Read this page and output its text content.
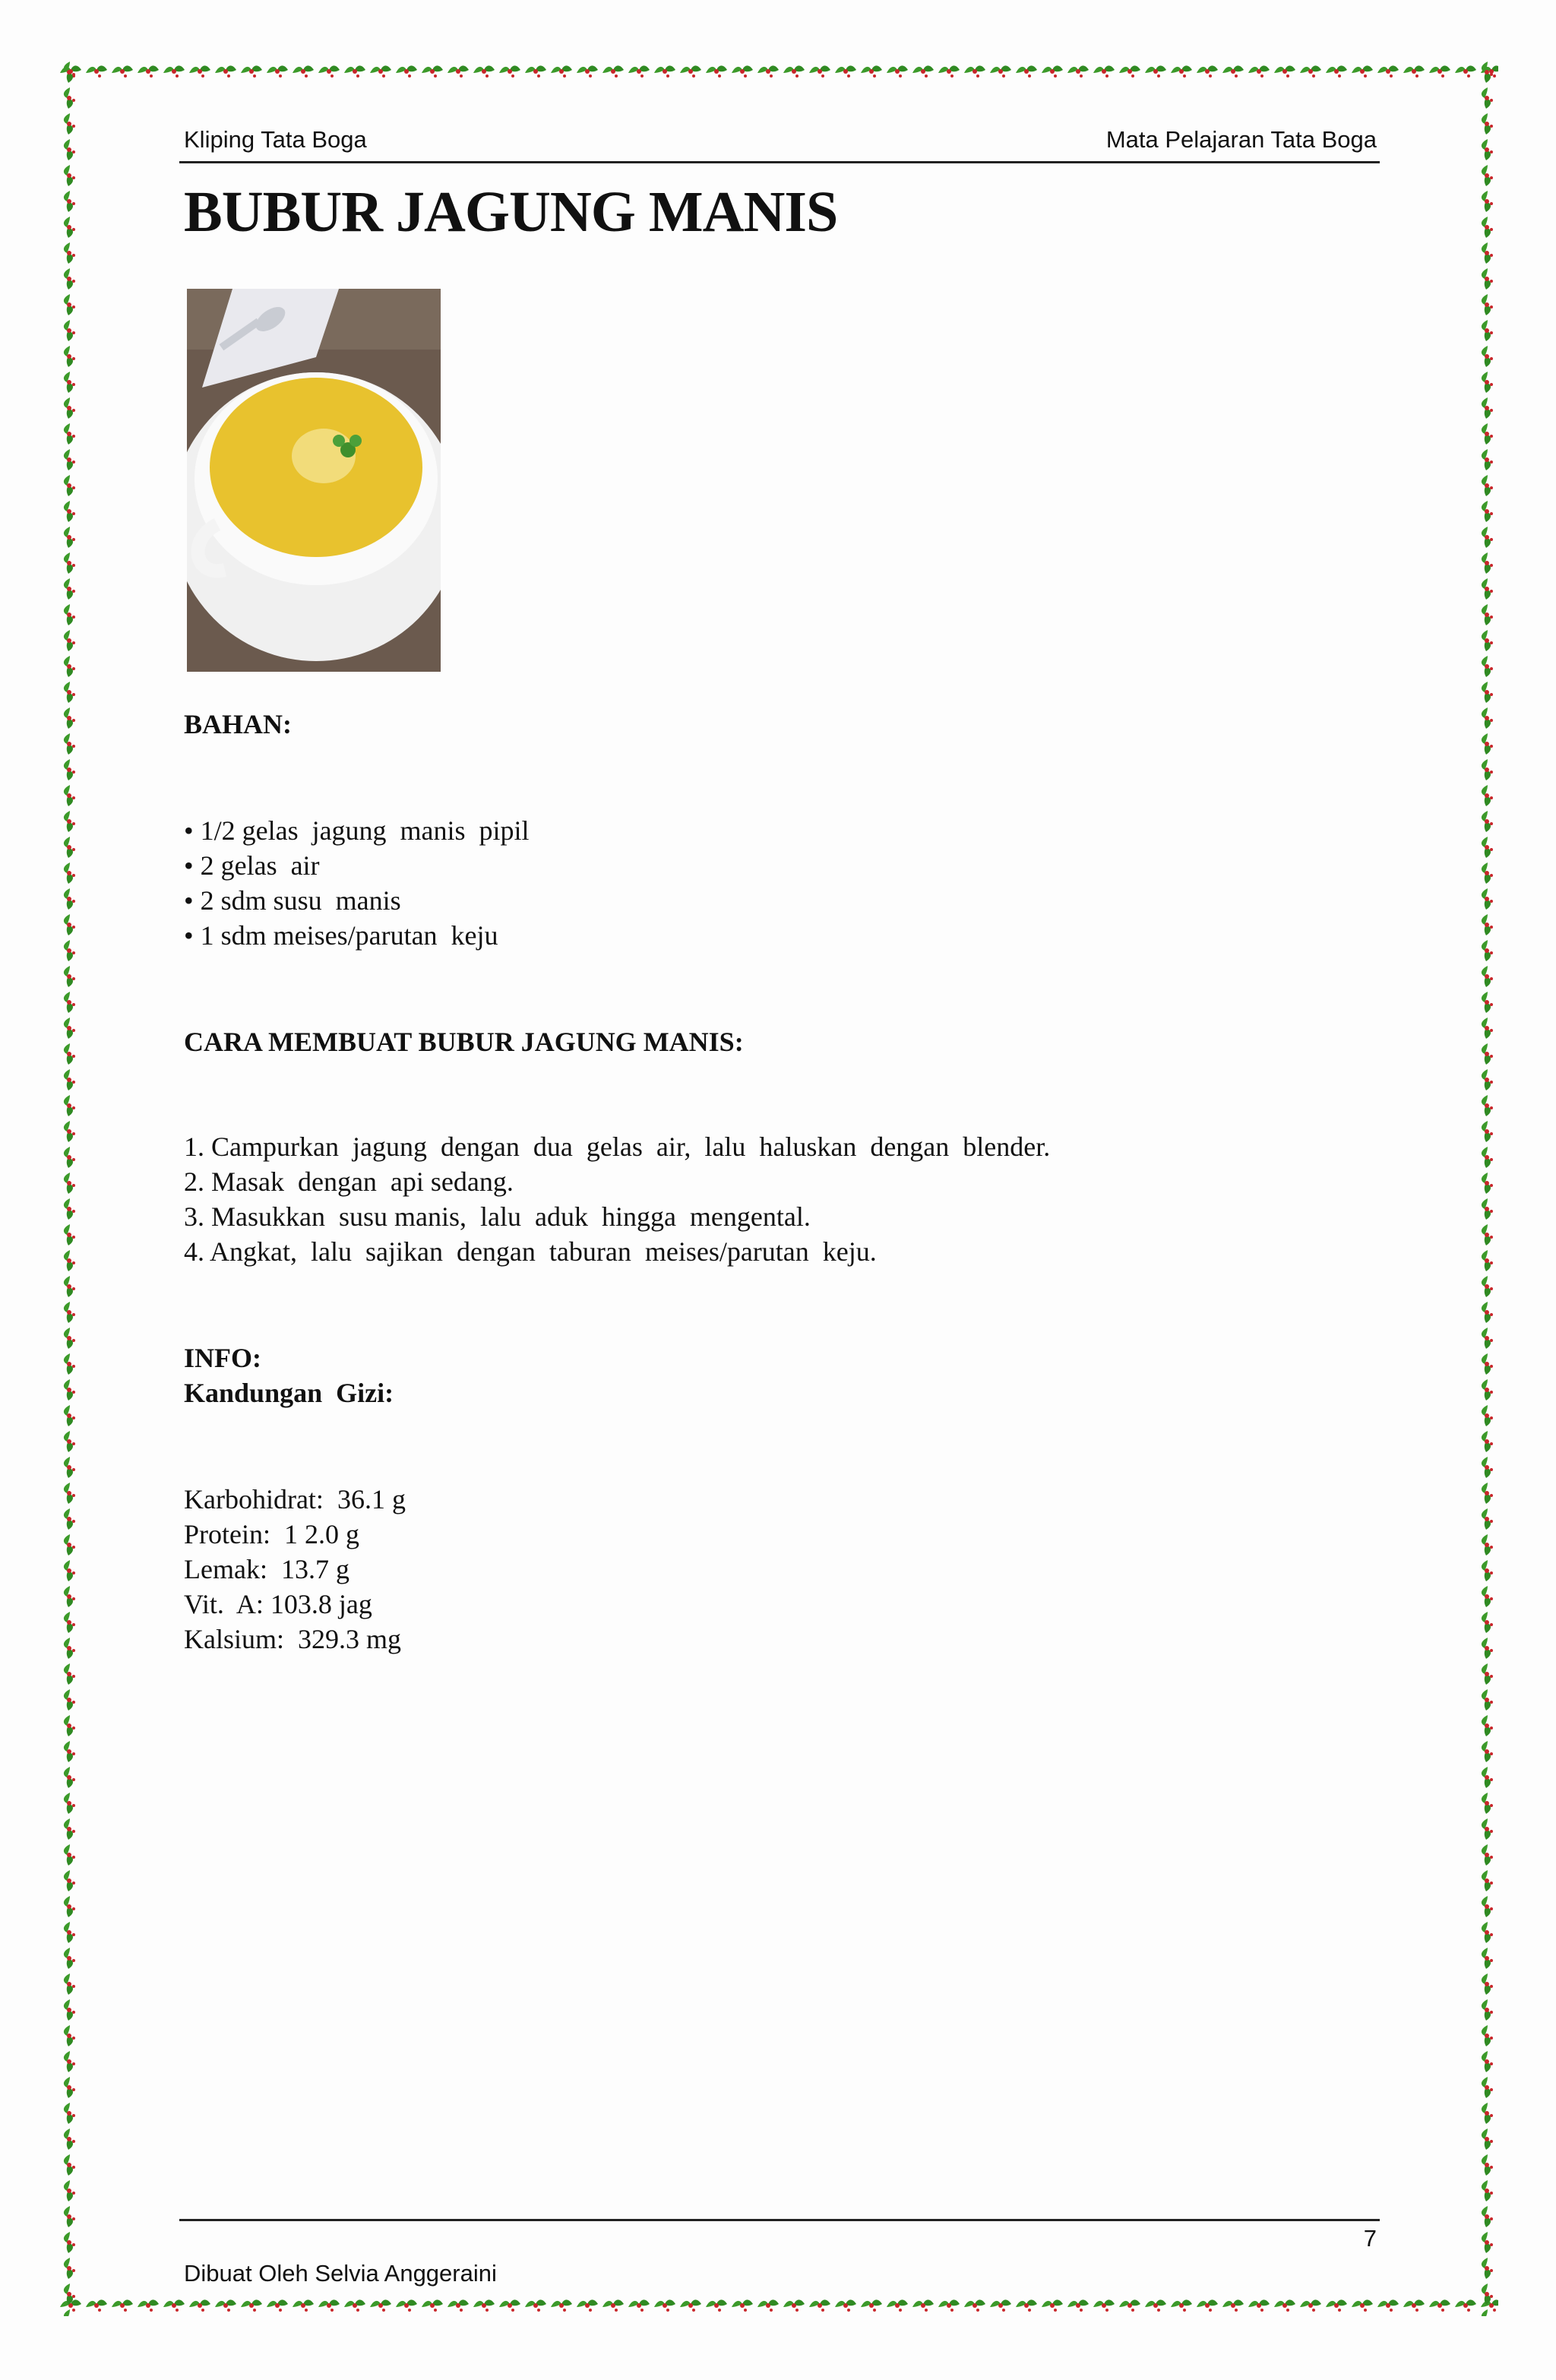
Kliping Tata Boga	Mata Pelajaran Tata Boga
BUBUR JAGUNG MANIS
BAHAN:
• 1/2 gelas  jagung  manis  pipil
• 2 gelas  air
• 2 sdm susu  manis
• 1 sdm meises/parutan  keju
CARA MEMBUAT BUBUR JAGUNG MANIS:
1. Campurkan  jagung  dengan  dua  gelas  air,  lalu  haluskan  dengan  blender.
2. Masak  dengan  api sedang.
3. Masukkan  susu manis,  lalu  aduk  hingga  mengental.
4. Angkat,  lalu  sajikan  dengan  taburan  meises/parutan  keju.
INFO:
Kandungan  Gizi:
Karbohidrat:  36.1 g
Protein:  1 2.0 g
Lemak:  13.7 g
Vit.  A: 103.8 jag
Kalsium:  329.3 mg
7
Dibuat Oleh Selvia Anggeraini
